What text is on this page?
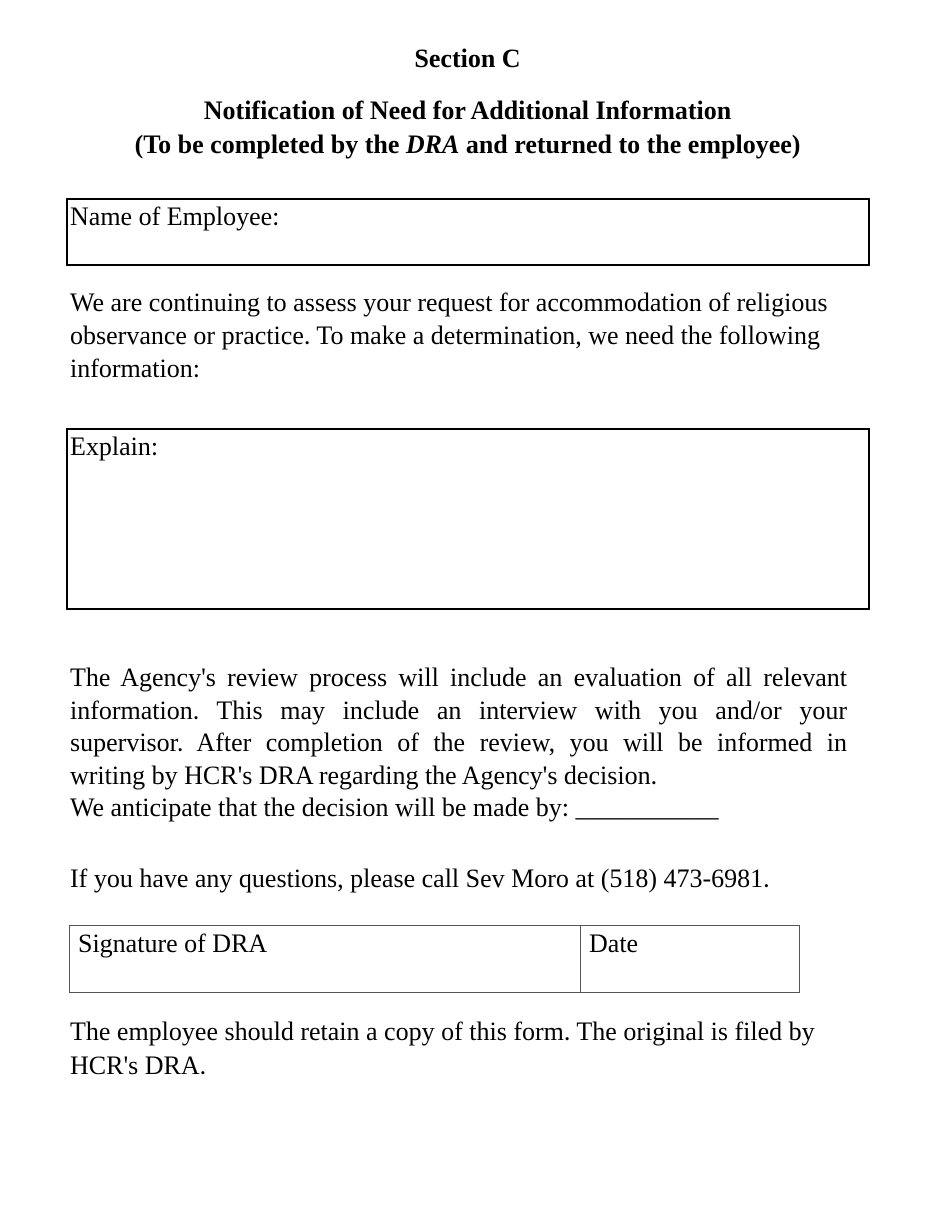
Section C
Notification of Need for Additional Information
(To be completed by the DRA and returned to the employee)
Name of Employee:

We are continuing to assess your request for accommodation of religious observance or practice. To make a determination, we need the following information:

Explain:

The Agency's review process will include an evaluation of all relevant information. This may include an interview with you and/or your supervisor. After completion of the review, you will be informed in writing by HCR's DRA regarding the Agency's decision.

We anticipate that the decision will be made by: ___________
If you have any questions, please call Sev Moro at (518) 473-6981.
Signature of DRA	Date

The employee should retain a copy of this form. The original is filed by HCR's DRA.
